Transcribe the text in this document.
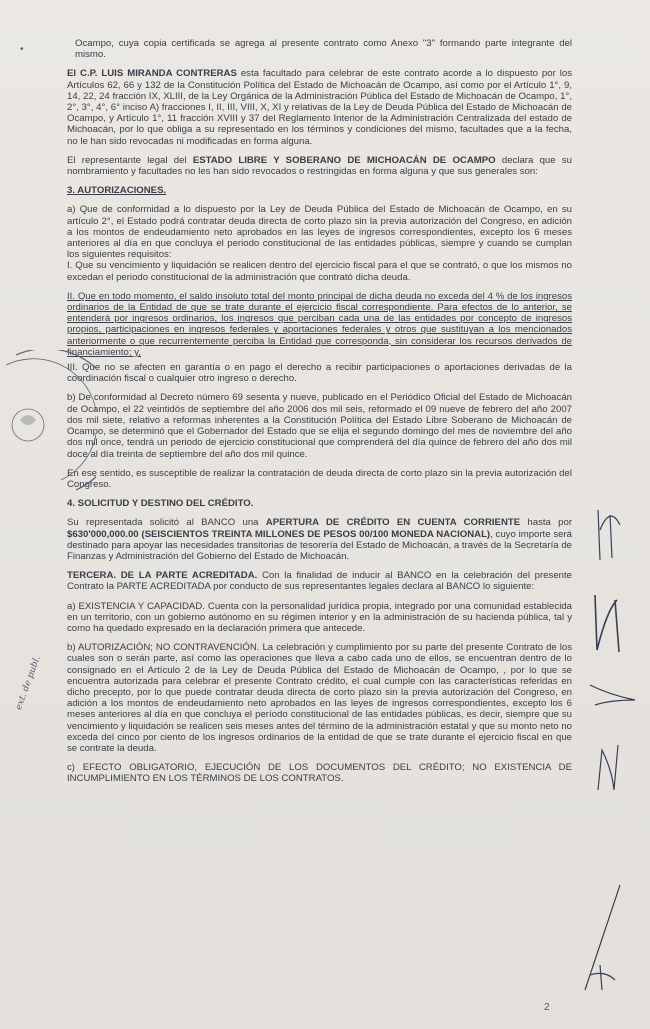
•

Ocampo, cuya copia certificada se agrega al presente contrato como Anexo "3" formando parte integrante del mismo.

El C.P. LUIS MIRANDA CONTRERAS esta facultado para celebrar de este contrato acorde a lo dispuesto por los Artículos 62, 66 y 132 de la Constitución Política del Estado de Michoacán de Ocampo, así como por el Artículo 1°, 9, 14, 22, 24 fracción IX, XLIII, de la Ley Orgánica de la Administración Pública del Estado de Michoacán de Ocampo, 1°, 2°, 3°, 4°, 6° inciso A) fracciones I, II, III, VIII, X, XI y relativas de la Ley de Deuda Pública del Estado de Michoacán de Ocampo, y Artículo 1°, 11 fracción XVIII y 37 del Reglamento Interior de la Administración Centralizada del estado de Michoacán, por lo que obliga a su representado en los términos y condiciones del mismo, facultades que a la fecha, no le han sido revocadas ni modificadas en forma alguna.

El representante legal del ESTADO LIBRE Y SOBERANO DE MICHOACÁN DE OCAMPO declara que su nombramiento y facultades no les han sido revocados o restringidas en forma alguna y que sus generales son:

3. AUTORIZACIONES.

a) Que de conformidad a lo dispuesto por la Ley de Deuda Pública del Estado de Michoacán de Ocampo, en su artículo 2°, el Estado podrá contratar deuda directa de corto plazo sin la previa autorización del Congreso, en adición a los montos de endeudamiento neto aprobados en las leyes de ingresos correspondientes, excepto los 6 meses anteriores al día en que concluya el periodo constitucional de las entidades públicas, siempre y cuando se cumplan los siguientes requisitos:

I. Que su vencimiento y liquidación se realicen dentro del ejercicio fiscal para el que se contrató, o que los mismos no excedan el periodo constitucional de la administración que contrató dicha deuda.

II. Que en todo momento, el saldo insoluto total del monto principal de dicha deuda no exceda del 4 % de los ingresos ordinarios de la Entidad de que se trate durante el ejercicio fiscal correspondiente. Para efectos de lo anterior, se entenderá por ingresos ordinarios, los ingresos que perciban cada una de las entidades por concepto de ingresos propios, participaciones en ingresos federales y aportaciones federales y otros que sustituyan a los mencionados anteriormente o que recurrentemente perciba la Entidad que corresponda, sin considerar los recursos derivados de financiamiento; y,

III. Que no se afecten en garantía o en pago el derecho a recibir participaciones o aportaciones derivadas de la coordinación fiscal o cualquier otro ingreso o derecho.

b) De conformidad al Decreto número 69 sesenta y nueve, publicado en el Periódico Oficial del Estado de Michoacán de Ocampo, el 22 veintidós de septiembre del año 2006 dos mil seis, reformado el 09 nueve de febrero del año 2007 dos mil siete, relativo a reformas inherentes a la Constitución Política del Estado Libre Soberano de Michoacán de Ocampo, se determinó que el Gobernador del Estado que se elija el segundo domingo del mes de noviembre del año dos mil once, tendrá un periodo de ejercicio constitucional que comprenderá del día quince de febrero del año dos mil doce al día treinta de septiembre del año dos mil quince.

En ese sentido, es susceptible de realizar la contratación de deuda directa de corto plazo sin la previa autorización del Congreso.

4. SOLICITUD Y DESTINO DEL CRÉDITO.

Su representada solicitó al BANCO una APERTURA DE CRÉDITO EN CUENTA CORRIENTE hasta por $630'000,000.00 (SEISCIENTOS TREINTA MILLONES DE PESOS 00/100 MONEDA NACIONAL), cuyo importe será destinado para apoyar las necesidades transitorias de tesorería del Estado de Michoacán, a través de la Secretaría de Finanzas y Administración del Gobierno del Estado de Michoacán.

TERCERA. DE LA PARTE ACREDITADA. Con la finalidad de inducir al BANCO en la celebración del presente Contrato la PARTE ACREDITADA por conducto de sus representantes legales declara al BANCO lo siguiente:

a) EXISTENCIA Y CAPACIDAD. Cuenta con la personalidad jurídica propia, integrado por una comunidad establecida en un territorio, con un gobierno autónomo en su régimen interior y en la administración de su hacienda pública, tal y como ha quedado expresado en la declaración primera que antecede.

b) AUTORIZACIÓN; NO CONTRAVENCIÓN. La celebración y cumplimiento por su parte del presente Contrato de los cuales son o serán parte, así como las operaciones que lleva a cabo cada uno de ellos, se encuentran dentro de lo consignado en el Artículo 2 de la Ley de Deuda Pública del Estado de Michoacán de Ocampo, , por lo que se encuentra autorizada para celebrar el presente Contrato crédito, el cual cumple con las características referidas en dicho precepto, por lo que puede contratar deuda directa de corto plazo sin la previa autorización del Congreso, en adición a los montos de endeudamiento neto aprobados en las leyes de ingresos correspondientes, excepto los 6 meses anteriores al día en que concluya el período constitucional de las entidades públicas, es decir, siempre que su vencimiento y liquidación se realicen seis meses antes del término de la administración estatal y que su monto neto no exceda del cinco por ciento de los ingresos ordinarios de la entidad de que se trate durante el ejercicio fiscal en que se contrate la deuda.

c) EFECTO OBLIGATORIO, EJECUCIÓN DE LOS DOCUMENTOS DEL CRÉDITO; NO EXISTENCIA DE INCUMPLIMIENTO EN LOS TÉRMINOS DE LOS CONTRATOS.

ext. de publ.
2
